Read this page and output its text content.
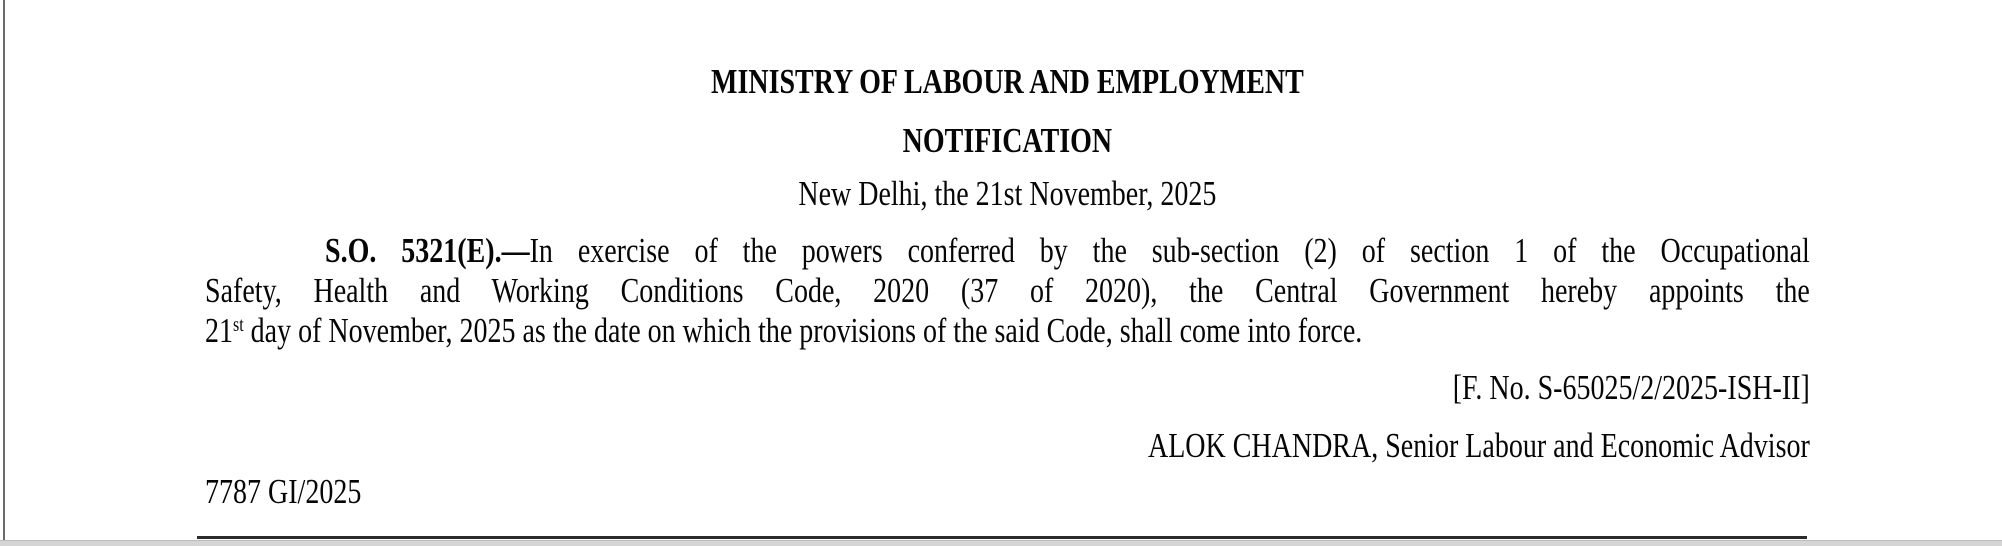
MINISTRY OF LABOUR AND EMPLOYMENT
NOTIFICATION
New Delhi, the 21st November, 2025
S.O. 5321(E).—In exercise of the powers conferred by the sub-section (2) of section 1 of the Occupational
Safety, Health and Working Conditions Code, 2020 (37 of 2020), the Central Government hereby appoints the
21st day of November, 2025 as the date on which the provisions of the said Code, shall come into force.
[F. No. S-65025/2/2025-ISH-II]
ALOK CHANDRA, Senior Labour and Economic Advisor
7787 GI/2025
